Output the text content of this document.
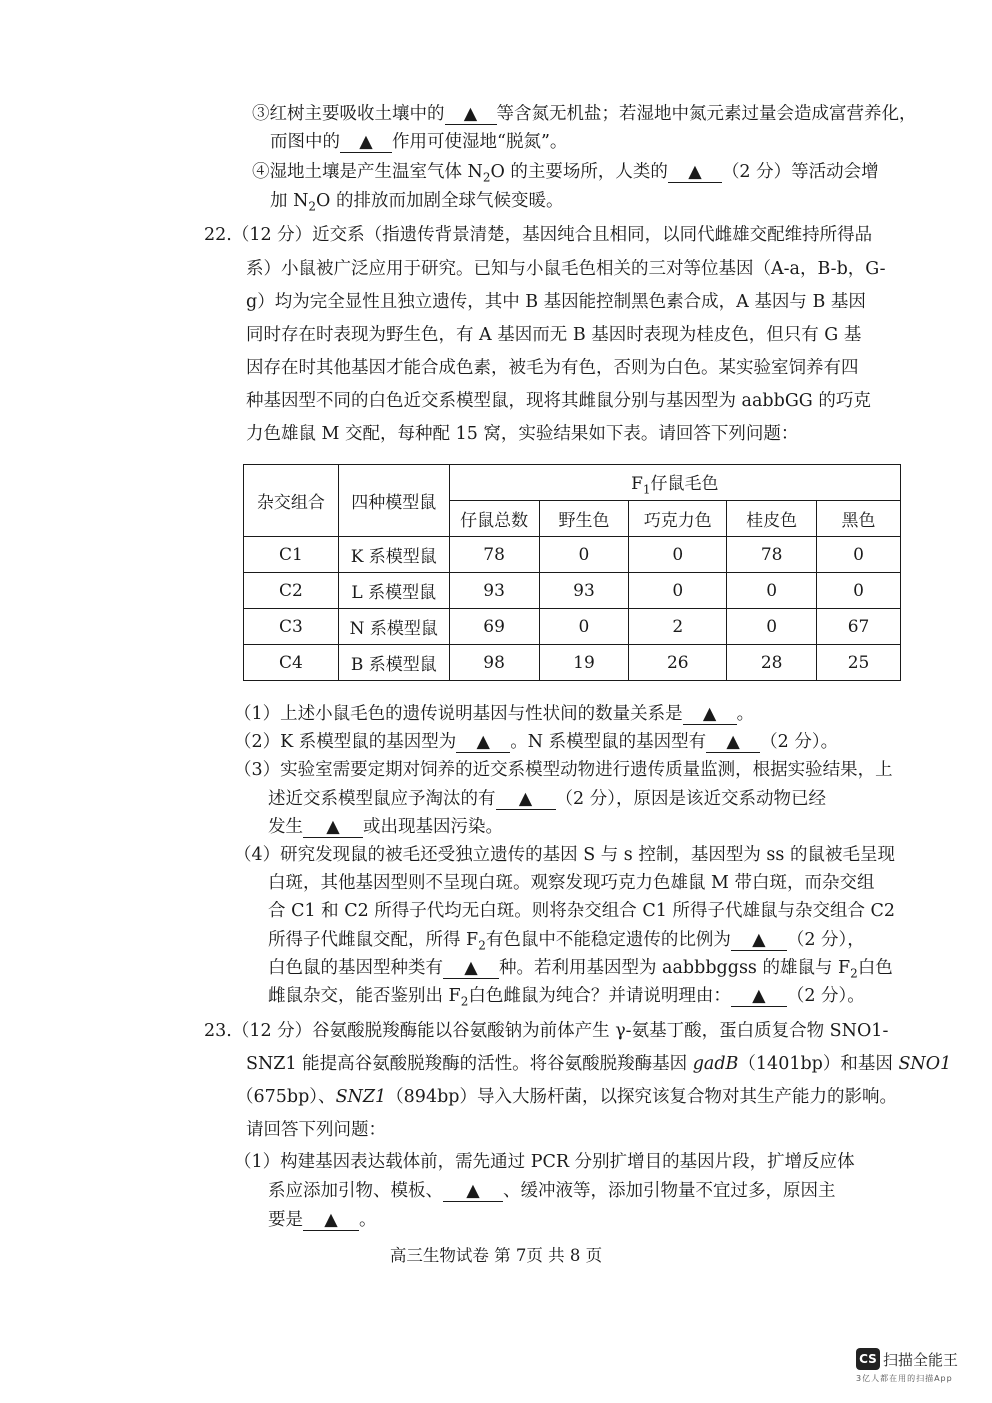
③红树主要吸收土壤中的 ▲ 等含氮无机盐；若湿地中氮元素过量会造成富营养化，
而图中的 ▲ 作用可使湿地“脱氮”。
④湿地土壤是产生温室气体 $N_2O$ 的主要场所，人类的 ▲ （2 分）等活动会增
加 $N_2O$ 的排放而加剧全球气候变暖。
22.（12 分）近交系（指遗传背景清楚，基因纯合且相同，以同代雌雄交配维持所得品
系）小鼠被广泛应用于研究。已知与小鼠毛色相关的三对等位基因（A-a，B-b，G-
g）均为完全显性且独立遗传，其中 B 基因能控制黑色素合成，A 基因与 B 基因
同时存在时表现为野生色，有 A 基因而无 B 基因时表现为桂皮色，但只有 G 基
因存在时其他基因才能合成色素，被毛为有色，否则为白色。某实验室饲养有四
种基因型不同的白色近交系模型鼠，现将其雌鼠分别与基因型为 aabbGG 的巧克
力色雄鼠 M 交配，每种配 15 窝，实验结果如下表。请回答下列问题：
杂交组合	四种模型鼠	$F_1$仔鼠毛色				
		仔鼠总数	野生色	巧克力色	桂皮色	黑色
C1	K 系模型鼠	78	0	0	78	0
C2	L 系模型鼠	93	93	0	0	0
C3	N 系模型鼠	69	0	2	0	67
C4	B 系模型鼠	98	19	26	28	25
（1）上述小鼠毛色的遗传说明基因与性状间的数量关系是 ▲ 。
（2）K 系模型鼠的基因型为 ▲ 。N 系模型鼠的基因型有 ▲ （2 分）。
（3）实验室需要定期对饲养的近交系模型动物进行遗传质量监测，根据实验结果，上
述近交系模型鼠应予淘汰的有 ▲ （2 分），原因是该近交系动物已经
发生 ▲ 或出现基因污染。
（4）研究发现鼠的被毛还受独立遗传的基因 S 与 s 控制，基因型为 ss 的鼠被毛呈现
白斑，其他基因型则不呈现白斑。观察发现巧克力色雄鼠 M 带白斑，而杂交组
合 C1 和 C2 所得子代均无白斑。则将杂交组合 C1 所得子代雄鼠与杂交组合 C2
所得子代雌鼠交配，所得 $F_2$有色鼠中不能稳定遗传的比例为 ▲ （2 分），
白色鼠的基因型种类有 ▲ 种。若利用基因型为 aabbbggss 的雄鼠与 $F_2$白色
雌鼠杂交，能否鉴别出 $F_2$白色雌鼠为纯合？并请说明理由： ▲ （2 分）。
23.（12 分）谷氨酸脱羧酶能以谷氨酸钠为前体产生 γ-氨基丁酸，蛋白质复合物 SNO1-
SNZ1 能提高谷氨酸脱羧酶的活性。将谷氨酸脱羧酶基因 gadB（1401bp）和基因 SNO1
（675bp）、SNZ1（894bp）导入大肠杆菌，以探究该复合物对其生产能力的影响。
请回答下列问题：
（1）构建基因表达载体前，需先通过 PCR 分别扩增目的基因片段，扩增反应体
系应添加引物、模板、 ▲ 、缓冲液等，添加引物量不宜过多，原因主
要是 ▲ 。
高三生物试卷 第 7页 共 8 页
CS 扫描全能王
3亿人都在用的扫描App
